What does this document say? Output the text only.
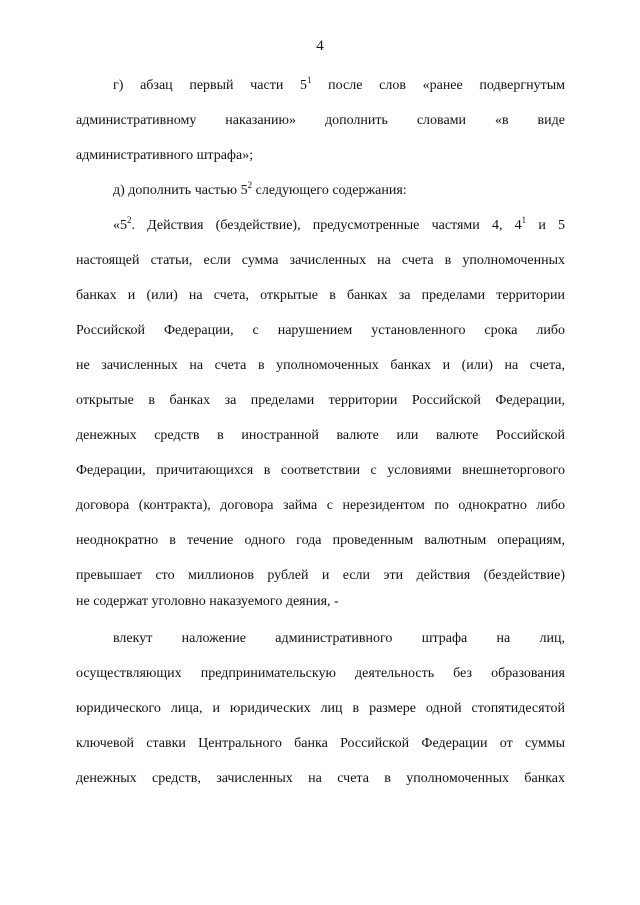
4
г) абзац первый части $5^1$ после слов «ранее подвергнутым
административному наказанию» дополнить словами «в виде
административного штрафа»;
д) дополнить частью $5^2$ следующего содержания:
«$5^2$. Действия (бездействие), предусмотренные частями 4, $4^1$ и 5
настоящей статьи, если сумма зачисленных на счета в уполномоченных
банках и (или) на счета, открытые в банках за пределами территории
Российской Федерации, с нарушением установленного срока либо
не зачисленных на счета в уполномоченных банках и (или) на счета,
открытые в банках за пределами территории Российской Федерации,
денежных средств в иностранной валюте или валюте Российской
Федерации, причитающихся в соответствии с условиями внешнеторгового
договора (контракта), договора займа с нерезидентом по однократно либо
неоднократно в течение одного года проведенным валютным операциям,
превышает сто миллионов рублей и если эти действия (бездействие)
не содержат уголовно наказуемого деяния, -
влекут наложение административного штрафа на лиц,
осуществляющих предпринимательскую деятельность без образования
юридического лица, и юридических лиц в размере одной стопятидесятой
ключевой ставки Центрального банка Российской Федерации от суммы
денежных средств, зачисленных на счета в уполномоченных банках
